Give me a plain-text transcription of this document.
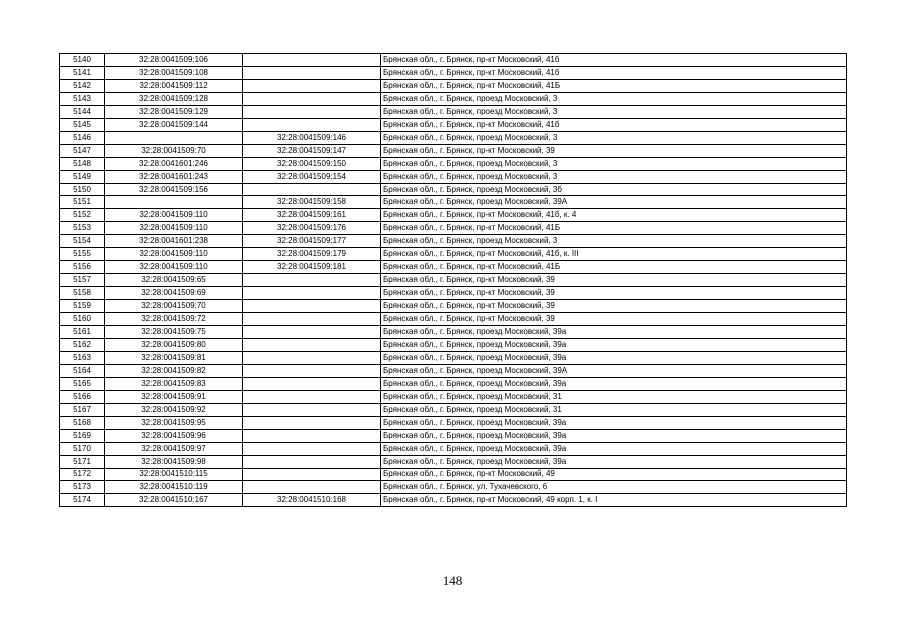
5140	32:28:0041509:106		Брянская обл., г. Брянск, пр-кт Московский, 41б
5141	32:28:0041509:108		Брянская обл., г. Брянск, пр-кт Московский, 41б
5142	32:28:0041509:112		Брянская обл., г. Брянск, пр-кт Московский, 41Б
5143	32:28:0041509:128		Брянская обл., г. Брянск, проезд Московский, 3
5144	32:28:0041509:129		Брянская обл., г. Брянск, проезд Московский, 3
5145	32:28:0041509:144		Брянская обл., г. Брянск, пр-кт Московский, 41б
5146		32:28:0041509:146	Брянская обл., г. Брянск, проезд Московский, 3
5147	32:28:0041509:70	32:28:0041509:147	Брянская обл., г. Брянск, пр-кт Московский, 39
5148	32:28:0041601:246	32:28:0041509:150	Брянская обл., г. Брянск, проезд Московский, 3
5149	32:28:0041601:243	32:28:0041509:154	Брянская обл., г. Брянск, проезд Московский, 3
5150	32:28:0041509:156		Брянская обл., г. Брянск, проезд Московский, 3б
5151		32:28:0041509:158	Брянская обл., г. Брянск, проезд Московский, 39А
5152	32:28:0041509:110	32:28:0041509:161	Брянская обл., г. Брянск, пр-кт Московский, 41б, к. 4
5153	32:28:0041509:110	32:28:0041509:176	Брянская обл., г. Брянск, пр-кт Московский, 41Б
5154	32:28:0041601:238	32:28:0041509:177	Брянская обл., г. Брянск, проезд Московский, 3
5155	32:28:0041509:110	32:28:0041509:179	Брянская обл., г. Брянск, пр-кт Московский, 41б, к. III
5156	32:28:0041509:110	32:28:0041509:181	Брянская обл., г. Брянск, пр-кт Московский, 41Б
5157	32:28:0041509:65		Брянская обл., г. Брянск, пр-кт Московский, 39
5158	32:28:0041509:69		Брянская обл., г. Брянск, пр-кт Московский, 39
5159	32:28:0041509:70		Брянская обл., г. Брянск, пр-кт Московский, 39
5160	32:28:0041509:72		Брянская обл., г. Брянск, пр-кт Московский, 39
5161	32:28:0041509:75		Брянская обл., г. Брянск, проезд Московский, 39а
5162	32:28:0041509:80		Брянская обл., г. Брянск, проезд Московский, 39а
5163	32:28:0041509:81		Брянская обл., г. Брянск, проезд Московский, 39а
5164	32:28:0041509:82		Брянская обл., г. Брянск, проезд Московский, 39А
5165	32:28:0041509:83		Брянская обл., г. Брянск, проезд Московский, 39а
5166	32:28:0041509:91		Брянская обл., г. Брянск, проезд Московский, 31
5167	32:28:0041509:92		Брянская обл., г. Брянск, проезд Московский, 31
5168	32:28:0041509:95		Брянская обл., г. Брянск, проезд Московский, 39а
5169	32:28:0041509:96		Брянская обл., г. Брянск, проезд Московский, 39а
5170	32:28:0041509:97		Брянская обл., г. Брянск, проезд Московский, 39а
5171	32:28:0041509:98		Брянская обл., г. Брянск, проезд Московский, 39а
5172	32:28:0041510:115		Брянская обл., г. Брянск, пр-кт Московский, 49
5173	32:28:0041510:119		Брянская обл., г. Брянск, ул. Тухачевского, 6
5174	32:28:0041510:167	32:28:0041510:168	Брянская обл., г. Брянск, пр-кт Московский, 49 корп. 1, к. I
148
